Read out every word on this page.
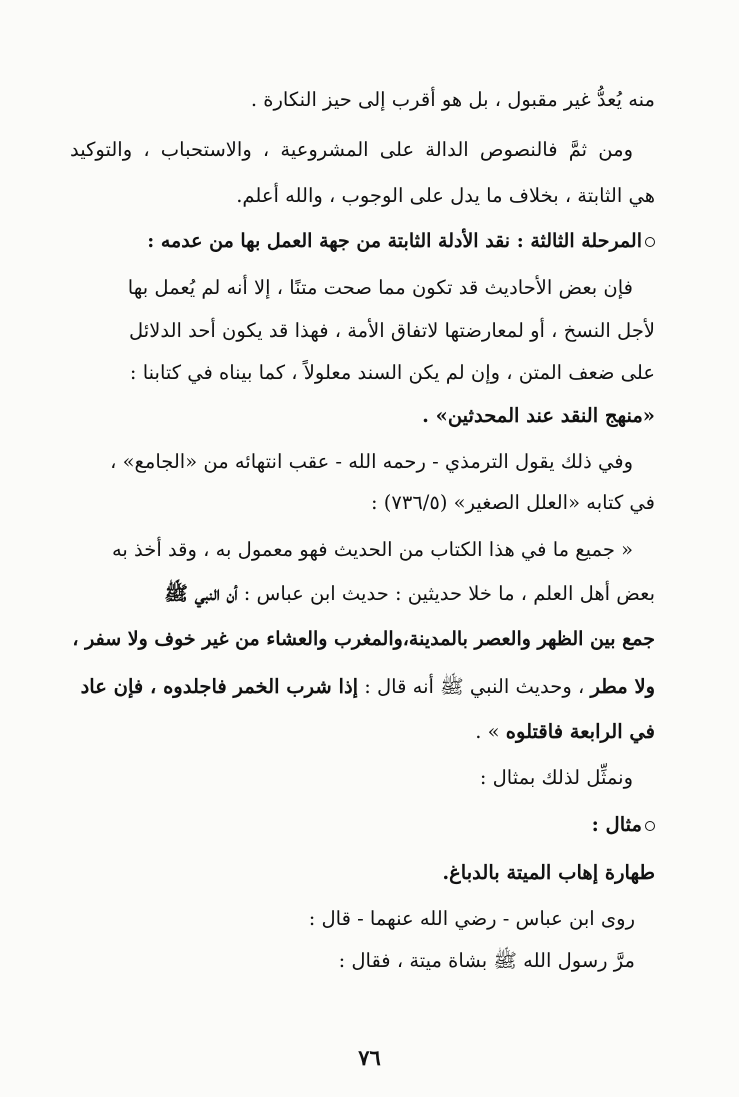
منه يُعدُّ غير مقبول ، بل هو أقرب إلى حيز النكارة .
ومن ثمَّ فالنصوص الدالة على المشروعية ، والاستحباب ، والتوكيد
هي الثابتة ، بخلاف ما يدل على الوجوب ، والله أعلم.
المرحلة الثالثة : نقد الأدلة الثابتة من جهة العمل بها من عدمه :
فإن بعض الأحاديث قد تكون مما صحت متنًا ، إلا أنه لم يُعمل بها
لأجل النسخ ، أو لمعارضتها لاتفاق الأمة ، فهذا قد يكون أحد الدلائل
على ضعف المتن ، وإن لم يكن السند معلولاً ، كما بيناه في كتابنا :
«منهج النقد عند المحدثين» .
وفي ذلك يقول الترمذي - رحمه الله - عقب انتهائه من «الجامع» ،
في كتابه «العلل الصغير» (٧٣٦/٥) :
« جميع ما في هذا الكتاب من الحديث فهو معمول به ، وقد أخذ به
بعض أهل العلم ، ما خلا حديثين : حديث ابن عباس : أن النبي ﷺ
جمع بين الظهر والعصر بالمدينة،والمغرب والعشاء من غير خوف ولا سفر ،
ولا مطر ، وحديث النبي ﷺ أنه قال : إذا شرب الخمر فاجلدوه ، فإن عاد
في الرابعة فاقتلوه » .
ونمثِّل لذلك بمثال :
مثال :
طهارة إهاب الميتة بالدباغ.
روى ابن عباس - رضي الله عنهما - قال :
مرَّ رسول الله ﷺ بشاة ميتة ، فقال :
٧٦
